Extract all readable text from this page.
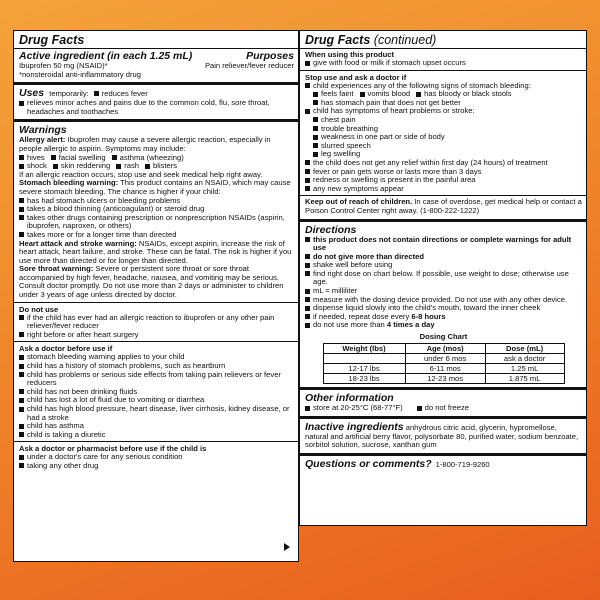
Drug Facts
Active ingredient (in each 1.25 mL)	Purposes
Ibuprofen 50 mg (NSAID)*	Pain reliever/fever reducer
*nonsteroidal anti-inflammatory drug
Uses temporarily: reduces fever
relieves minor aches and pains due to the common cold, flu, sore throat, headaches and toothaches
Warnings
Allergy alert: Ibuprofen may cause a severe allergic reaction, especially in people allergic to aspirin. Symptoms may include:
hives facial swelling asthma (wheezing)
shock skin reddening rash blisters
If an allergic reaction occurs, stop use and seek medical help right away.
Stomach bleeding warning: This product contains an NSAID, which may cause severe stomach bleeding. The chance is higher if your child:
has had stomach ulcers or bleeding problems
takes a blood thinning (anticoagulant) or steroid drug
takes other drugs containing prescription or nonprescription NSAIDs (aspirin, ibuprofen, naproxen, or others)
takes more or for a longer time than directed
Heart attack and stroke warning: NSAIDs, except aspirin, increase the risk of heart attack, heart failure, and stroke. These can be fatal. The risk is higher if you use more than directed or for longer than directed.
Sore throat warning: Severe or persistent sore throat or sore throat accompanied by high fever, headache, nausea, and vomiting may be serious. Consult doctor promptly. Do not use more than 2 days or administer to children under 3 years of age unless directed by doctor.
Do not use
if the child has ever had an allergic reaction to ibuprofen or any other pain reliever/fever reducer
right before or after heart surgery
Ask a doctor before use if
stomach bleeding warning applies to your child
child has a history of stomach problems, such as heartburn
child has problems or serious side effects from taking pain relievers or fever reducers
child has not been drinking fluids
child has lost a lot of fluid due to vomiting or diarrhea
child has high blood pressure, heart disease, liver cirrhosis, kidney disease, or had a stroke
child has asthma
child is taking a diuretic
Ask a doctor or pharmacist before use if the child is
under a doctor's care for any serious condition
taking any other drug
Drug Facts (continued)
When using this product
give with food or milk if stomach upset occurs
Stop use and ask a doctor if
child experiences any of the following signs of stomach bleeding:
feels faint vomits blood has bloody or black stools
has stomach pain that does not get better
child has symptoms of heart problems or stroke:
chest pain
trouble breathing
weakness in one part or side of body
slurred speech
leg swelling
the child does not get any relief within first day (24 hours) of treatment
fever or pain gets worse or lasts more than 3 days
redness or swelling is present in the painful area
any new symptoms appear
Keep out of reach of children. In case of overdose, get medical help or contact a Poison Control Center right away. (1-800-222-1222)
Directions
this product does not contain directions or complete warnings for adult use
do not give more than directed
shake well before using
find right dose on chart below. If possible, use weight to dose; otherwise use age.
mL = milliliter
measure with the dosing device provided. Do not use with any other device.
dispense liquid slowly into the child's mouth, toward the inner cheek
if needed, repeat dose every 6-8 hours
do not use more than 4 times a day
Dosing Chart
Weight (lbs)	Age (mos)	Dose (mL)
	under 6 mos	ask a doctor
12-17 lbs	6-11 mos	1.25 mL
18-23 lbs	12-23 mos	1.875 mL
Other information
store at 20-25°C (68-77°F)	do not freeze
Inactive ingredients anhydrous citric acid, glycerin, hypromellose, natural and artificial berry flavor, polysorbate 80, purified water, sodium benzoate, sorbitol solution, sucrose, xanthan gum
Questions or comments? 1-800-719-9260
